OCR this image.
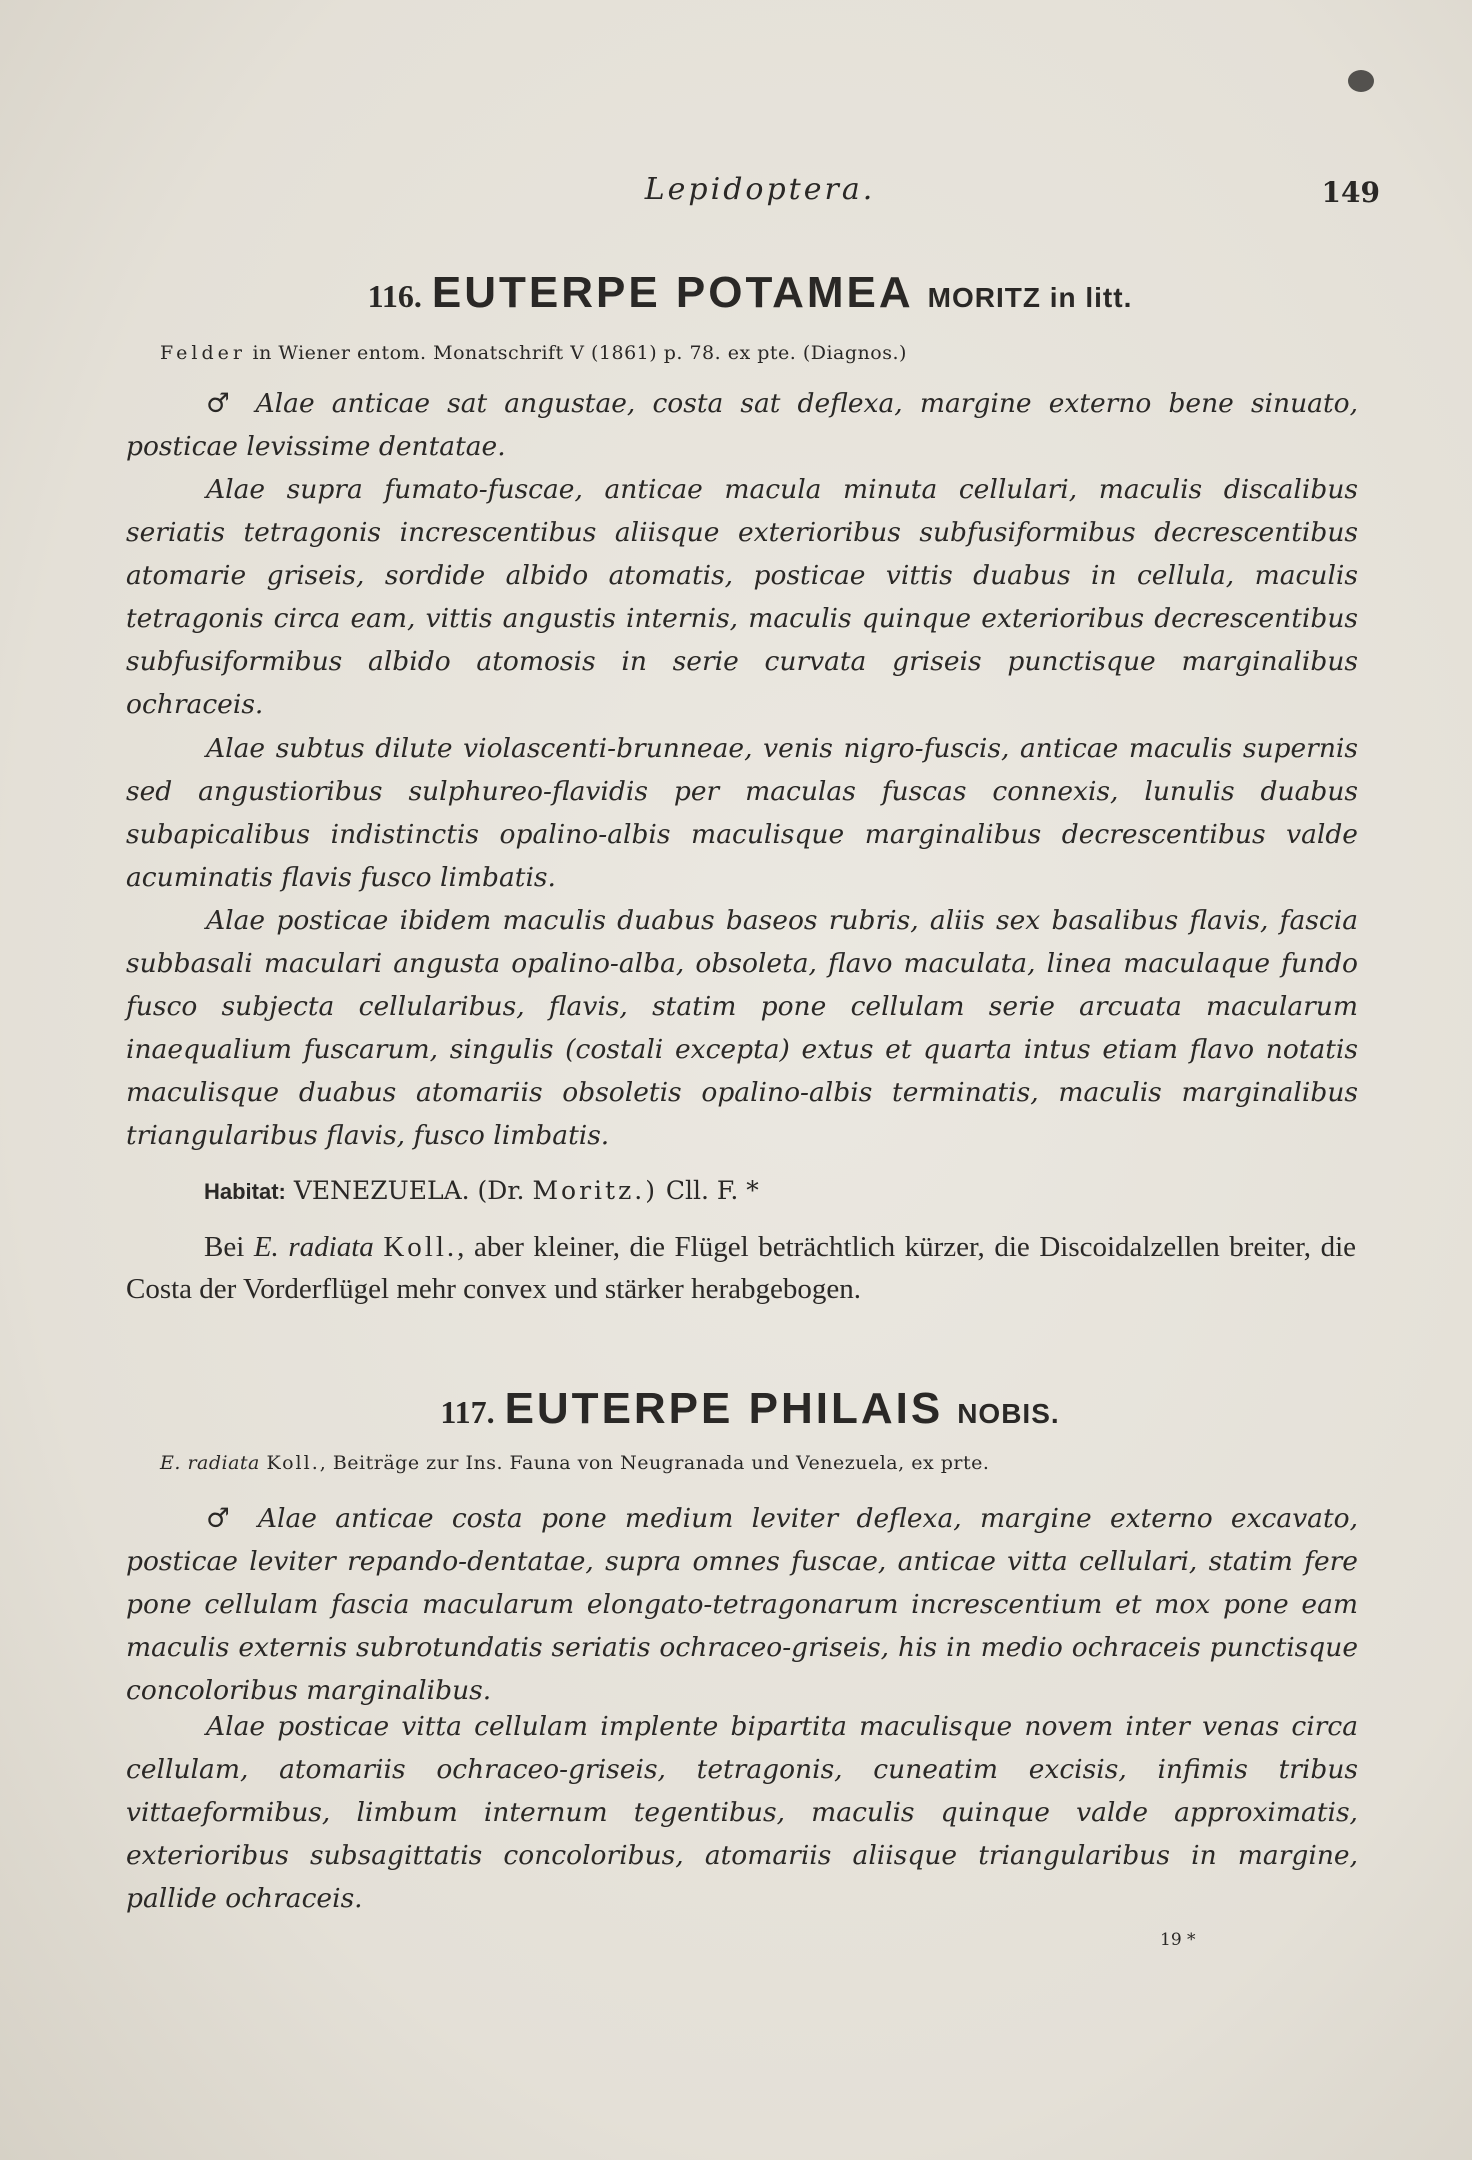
Lepidoptera.	149
116. EUTERPE POTAMEA MORITZ in litt.
Felder in Wiener entom. Monatschrift V (1861) p. 78. ex pte. (Diagnos.)

♂ Alae anticae sat angustae, costa sat deflexa, margine externo bene sinuato, posticae levissime dentatae.

Alae supra fumato-fuscae, anticae macula minuta cellulari, maculis discalibus seriatis tetragonis increscentibus aliisque exterioribus subfusiformibus decrescentibus atomarie griseis, sordide albido atomatis, posticae vittis duabus in cellula, maculis tetragonis circa eam, vittis angustis internis, maculis quinque exterioribus decrescentibus subfusiformibus albido atomosis in serie curvata griseis punctisque marginalibus ochraceis.

Alae subtus dilute violascenti-brunneae, venis nigro-fuscis, anticae maculis supernis sed angustioribus sulphureo-flavidis per maculas fuscas connexis, lunulis duabus subapicalibus indistinctis opalino-albis maculisque marginalibus decrescentibus valde acuminatis flavis fusco limbatis.

Alae posticae ibidem maculis duabus baseos rubris, aliis sex basalibus flavis, fascia subbasali maculari angusta opalino-alba, obsoleta, flavo maculata, linea maculaque fundo fusco subjecta cellularibus, flavis, statim pone cellulam serie arcuata macularum inaequalium fuscarum, singulis (costali excepta) extus et quarta intus etiam flavo notatis maculisque duabus atomariis obsoletis opalino-albis terminatis, maculis marginalibus triangularibus flavis, fusco limbatis.

Habitat: VENEZUELA. (Dr. Moritz.) Cll. F. *

Bei E. radiata Koll., aber kleiner, die Flügel beträchtlich kürzer, die Discoidalzellen breiter, die Costa der Vorderflügel mehr convex und stärker herabgebogen.

117. EUTERPE PHILAIS NOBIS.
E. radiata Koll., Beiträge zur Ins. Fauna von Neugranada und Venezuela, ex prte.

♂ Alae anticae costa pone medium leviter deflexa, margine externo excavato, posticae leviter repando-dentatae, supra omnes fuscae, anticae vitta cellulari, statim fere pone cellulam fascia macularum elongato-tetragonarum increscentium et mox pone eam maculis externis subrotundatis seriatis ochraceo-griseis, his in medio ochraceis punctisque concoloribus marginalibus.

Alae posticae vitta cellulam implente bipartita maculisque novem inter venas circa cellulam, atomariis ochraceo-griseis, tetragonis, cuneatim excisis, infimis tribus vittaeformibus, limbum internum tegentibus, maculis quinque valde approximatis, exterioribus subsagittatis concoloribus, atomariis aliisque triangularibus in margine, pallide ochraceis.

19 *
